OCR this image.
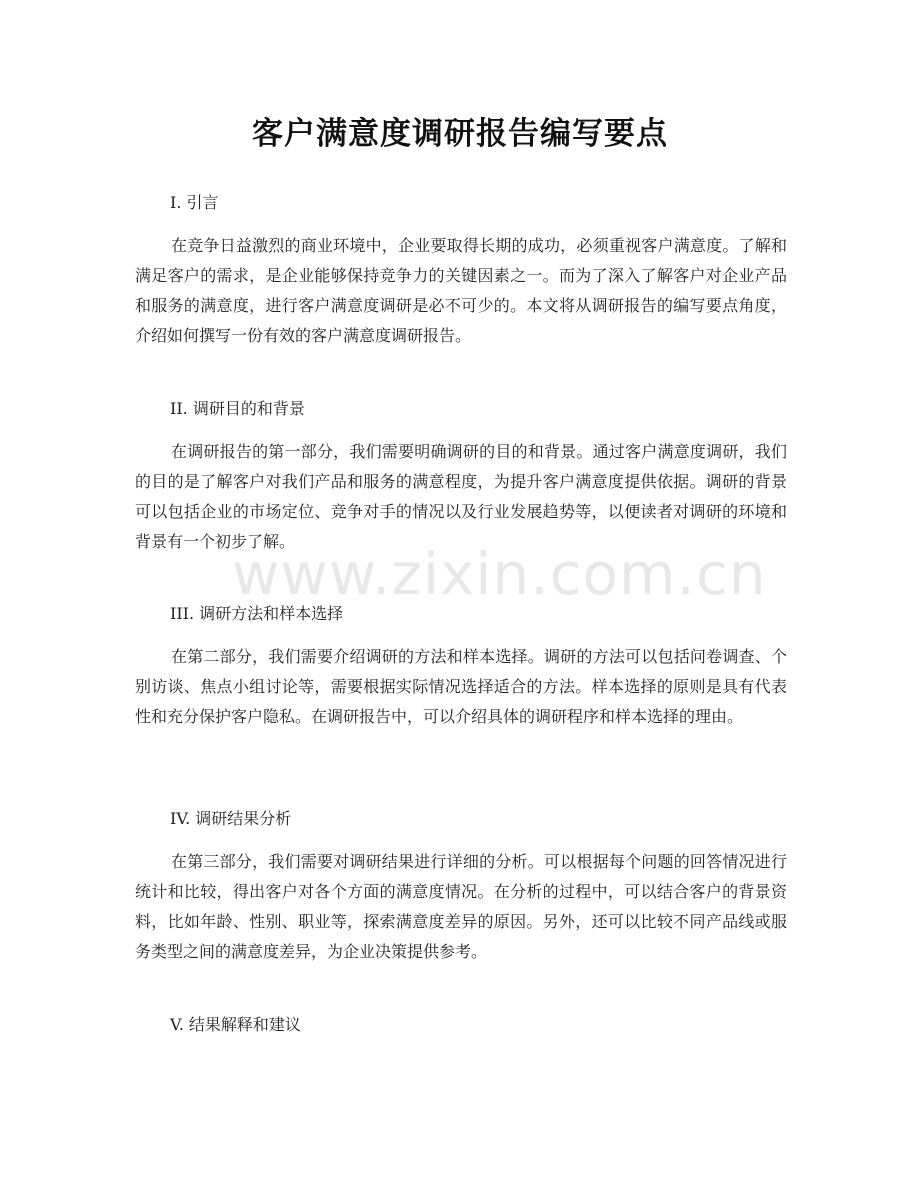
www.zixin.com.cn
客户满意度调研报告编写要点
I. 引言
在竞争日益激烈的商业环境中，企业要取得长期的成功，必须重视客户满意度。了解和满足客户的需求，是企业能够保持竞争力的关键因素之一。而为了深入了解客户对企业产品和服务的满意度，进行客户满意度调研是必不可少的。本文将从调研报告的编写要点角度，介绍如何撰写一份有效的客户满意度调研报告。
II. 调研目的和背景
在调研报告的第一部分，我们需要明确调研的目的和背景。通过客户满意度调研，我们的目的是了解客户对我们产品和服务的满意程度，为提升客户满意度提供依据。调研的背景可以包括企业的市场定位、竞争对手的情况以及行业发展趋势等，以便读者对调研的环境和背景有一个初步了解。
III. 调研方法和样本选择
在第二部分，我们需要介绍调研的方法和样本选择。调研的方法可以包括问卷调查、个别访谈、焦点小组讨论等，需要根据实际情况选择适合的方法。样本选择的原则是具有代表性和充分保护客户隐私。在调研报告中，可以介绍具体的调研程序和样本选择的理由。
IV. 调研结果分析
在第三部分，我们需要对调研结果进行详细的分析。可以根据每个问题的回答情况进行统计和比较，得出客户对各个方面的满意度情况。在分析的过程中，可以结合客户的背景资料，比如年龄、性别、职业等，探索满意度差异的原因。另外，还可以比较不同产品线或服务类型之间的满意度差异，为企业决策提供参考。
V. 结果解释和建议
